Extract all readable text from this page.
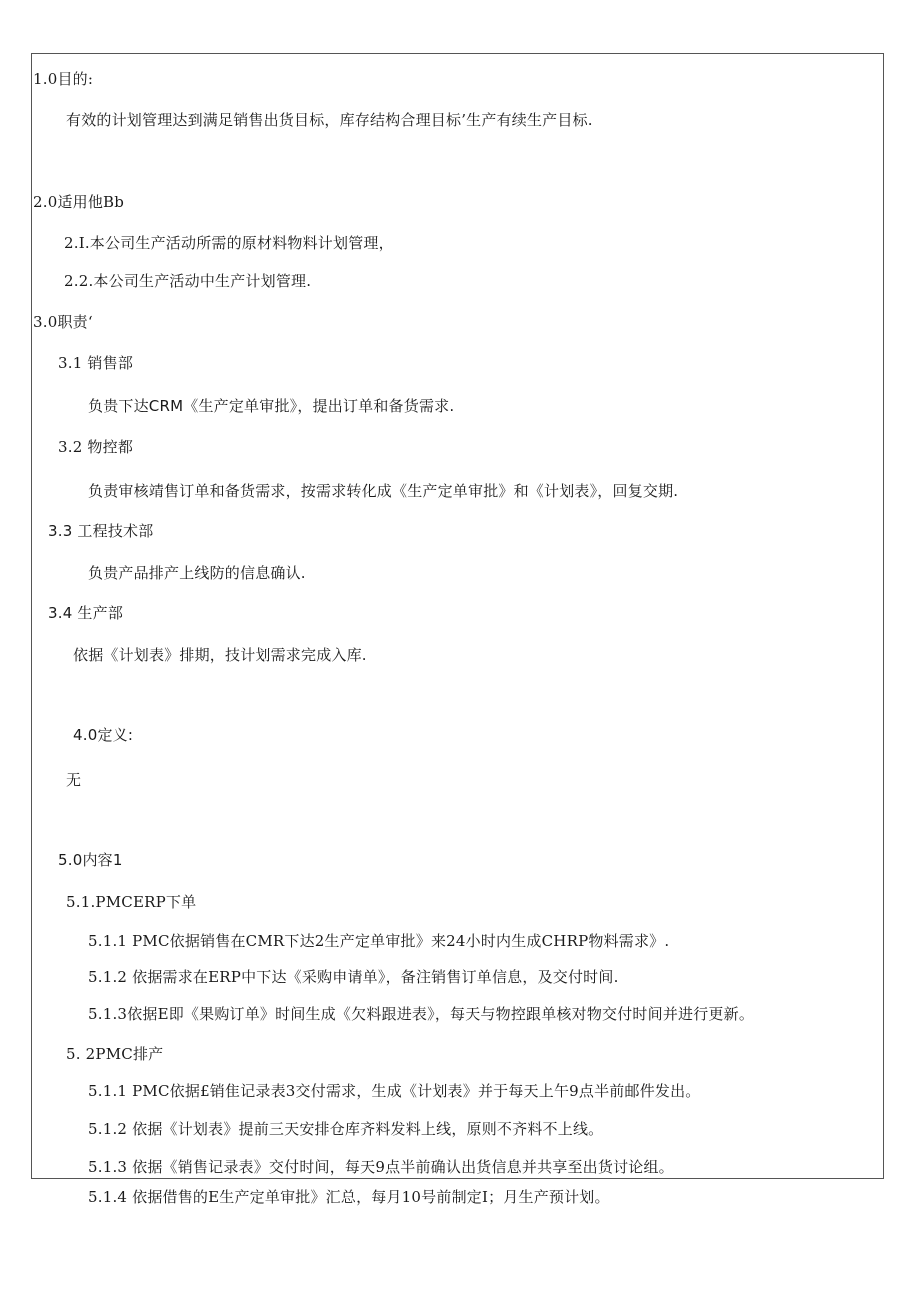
1.0目的:
有效的计划管理达到满足销售出货目标，库存结构合理目标’生产有续生产目标.
2.0适用他Bb
2.I.本公司生产活动所需的原材料物料计划管理，
2.2.本公司生产活动中生产计划管理.
3.0职责‘
3.1 销售部
负贵下达CRM《生产定单审批》，提出订单和备货需求.
3.2 物控都
负责审核靖售订单和备货需求，按需求转化成《生产定单审批》和《计划表》，回复交期.
3.3 工程技术部
负贵产品排产上线防的信息确认.
3.4 生产部
依据《计划表》排期，技计划需求完成入库.
4.0定义:
无
5.0内容1
5.1.PMCERP下单
5.1.1 PMC依据销售在CMR下达2生产定单审批》来24小时内生成CHRP物料需求》.
5.1.2 依据需求在ERP中下达《采购申请单》，备注销售订单信息，及交付时间.
5.1.3依据E即《果购订单》时间生成《欠料跟进表》，每天与物控跟单核对物交付时间并进行更新。
5. 2PMC排产
5.1.1 PMC依据£销隹记录表3交付需求，生成《计划表》并于每天上午9点半前邮件发出。
5.1.2 依据《计划表》提前三天安排仓库齐料发料上线，原则不齐料不上线。
5.1.3 依据《销售记录表》交付时间，每天9点半前确认出货信息并共享至出货讨论组。
5.1.4 依据借售的E生产定单审批》汇总，每月10号前制定I；月生产预计划。
